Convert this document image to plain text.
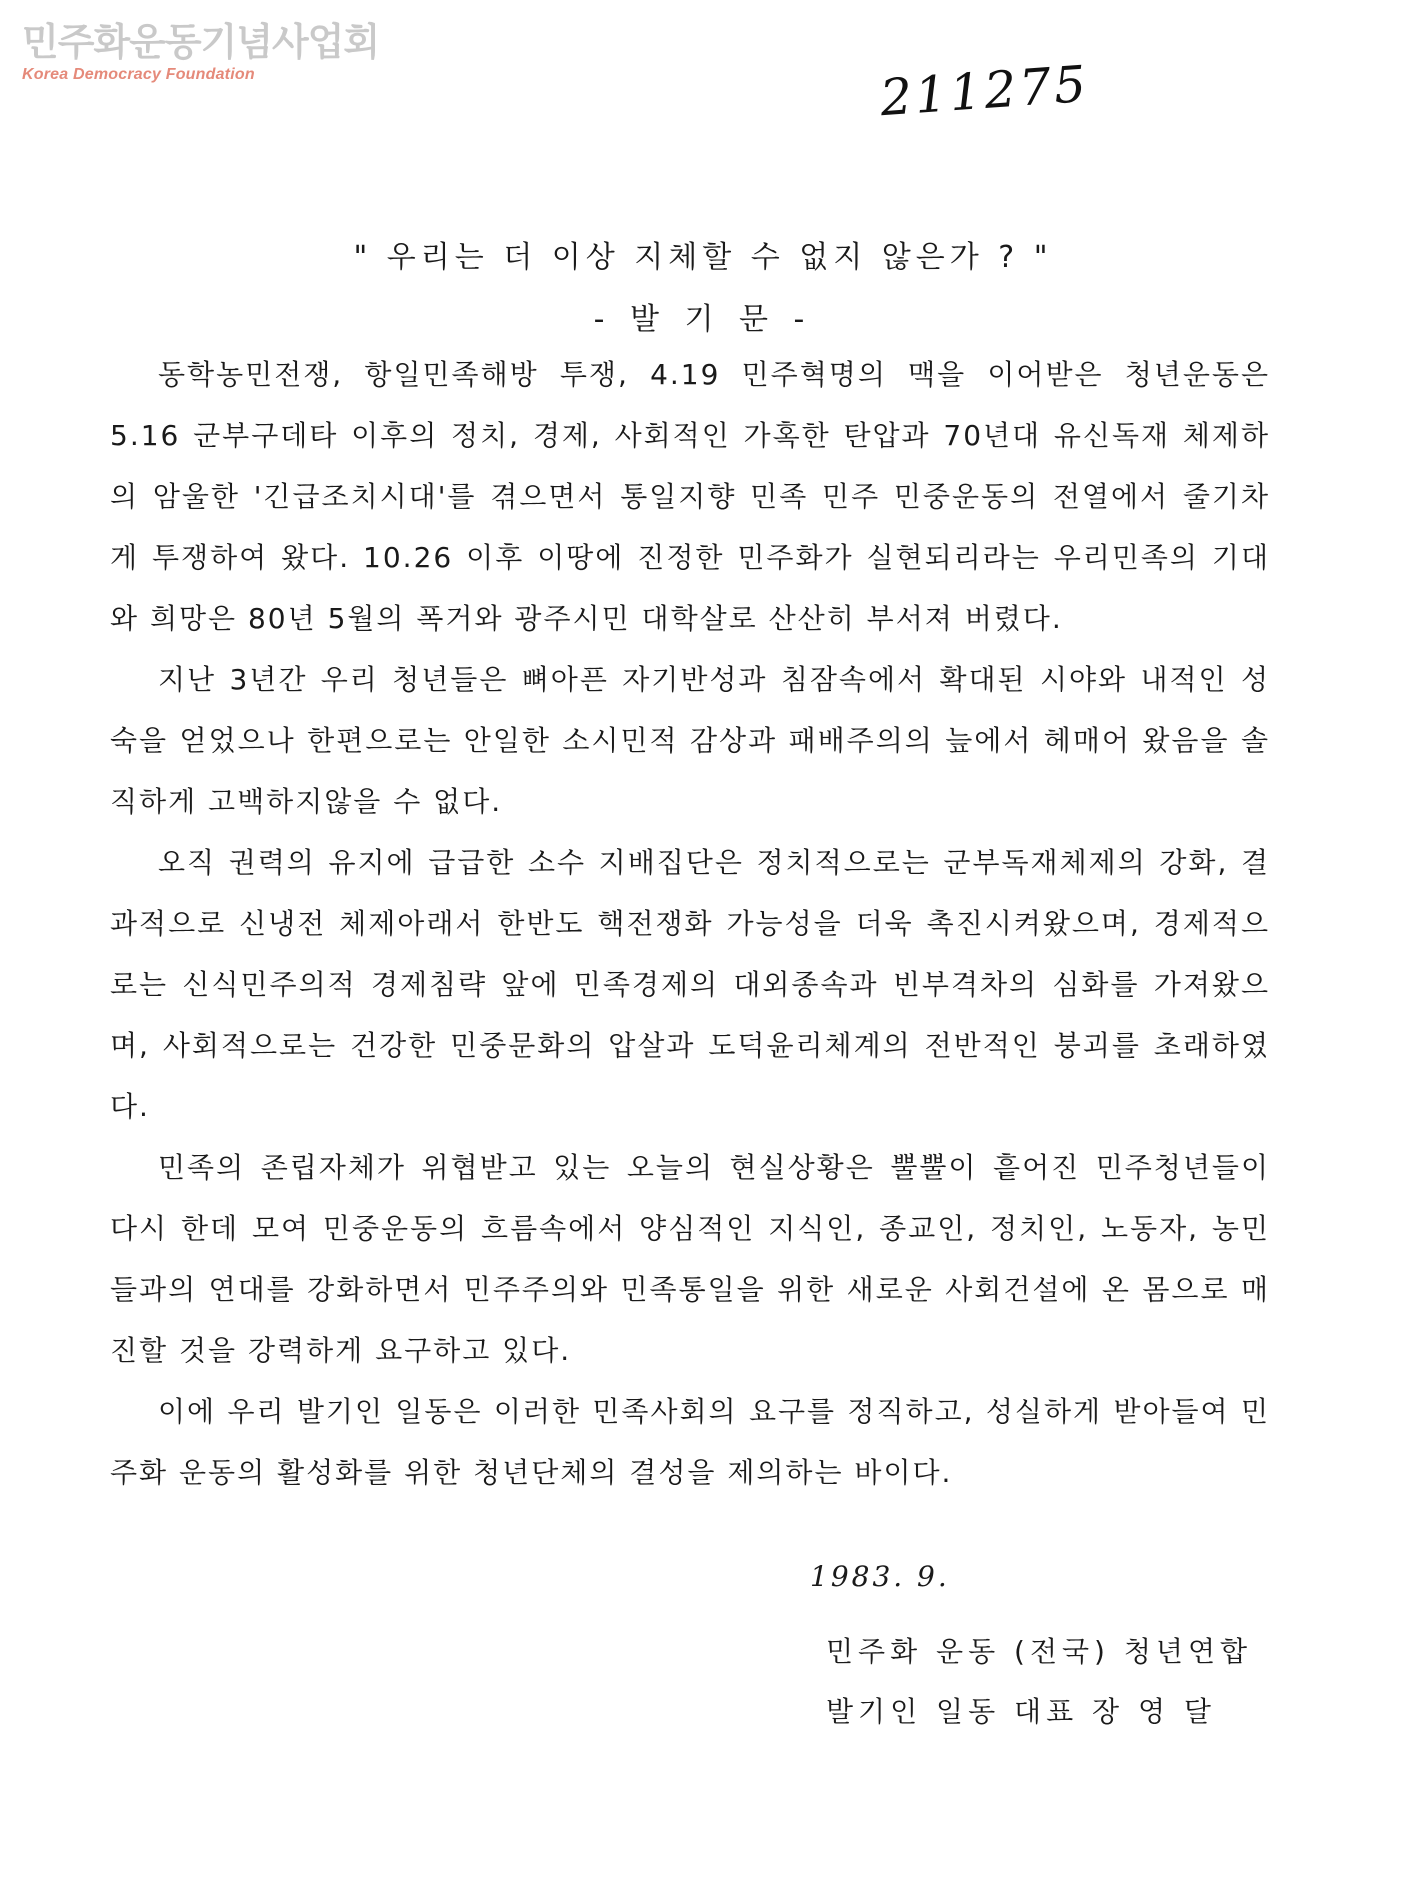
민주화운동기념사업회
Korea Democracy Foundation	211275
" 우리는 더 이상 지체할 수 없지 않은가 ? "
- 발 기 문 -

동학농민전쟁, 항일민족해방 투쟁, 4.19 민주혁명의 맥을 이어받은 청년운동은 5.16 군부구데타 이후의 정치, 경제, 사회적인 가혹한 탄압과 70년대 유신독재 체제하의 암울한 '긴급조치시대'를 겪으면서 통일지향 민족 민주 민중운동의 전열에서 줄기차게 투쟁하여 왔다. 10.26 이후 이땅에 진정한 민주화가 실현되리라는 우리민족의 기대와 희망은 80년 5월의 폭거와 광주시민 대학살로 산산히 부서져 버렸다.

지난 3년간 우리 청년들은 뼈아픈 자기반성과 침잠속에서 확대된 시야와 내적인 성숙을 얻었으나 한편으로는 안일한 소시민적 감상과 패배주의의 늪에서 헤매어 왔음을 솔직하게 고백하지않을 수 없다.

오직 권력의 유지에 급급한 소수 지배집단은 정치적으로는 군부독재체제의 강화, 결과적으로 신냉전 체제아래서 한반도 핵전쟁화 가능성을 더욱 촉진시켜왔으며, 경제적으로는 신식민주의적 경제침략 앞에 민족경제의 대외종속과 빈부격차의 심화를 가져왔으며, 사회적으로는 건강한 민중문화의 압살과 도덕윤리체계의 전반적인 붕괴를 초래하였다.

민족의 존립자체가 위협받고 있는 오늘의 현실상황은 뿔뿔이 흩어진 민주청년들이 다시 한데 모여 민중운동의 흐름속에서 양심적인 지식인, 종교인, 정치인, 노동자, 농민들과의 연대를 강화하면서 민주주의와 민족통일을 위한 새로운 사회건설에 온 몸으로 매진할 것을 강력하게 요구하고 있다.

이에 우리 발기인 일동은 이러한 민족사회의 요구를 정직하고, 성실하게 받아들여 민주화 운동의 활성화를 위한 청년단체의 결성을 제의하는 바이다.

1983. 9.
민주화 운동 (전국) 청년연합
발기인 일동 대표 장 영 달
